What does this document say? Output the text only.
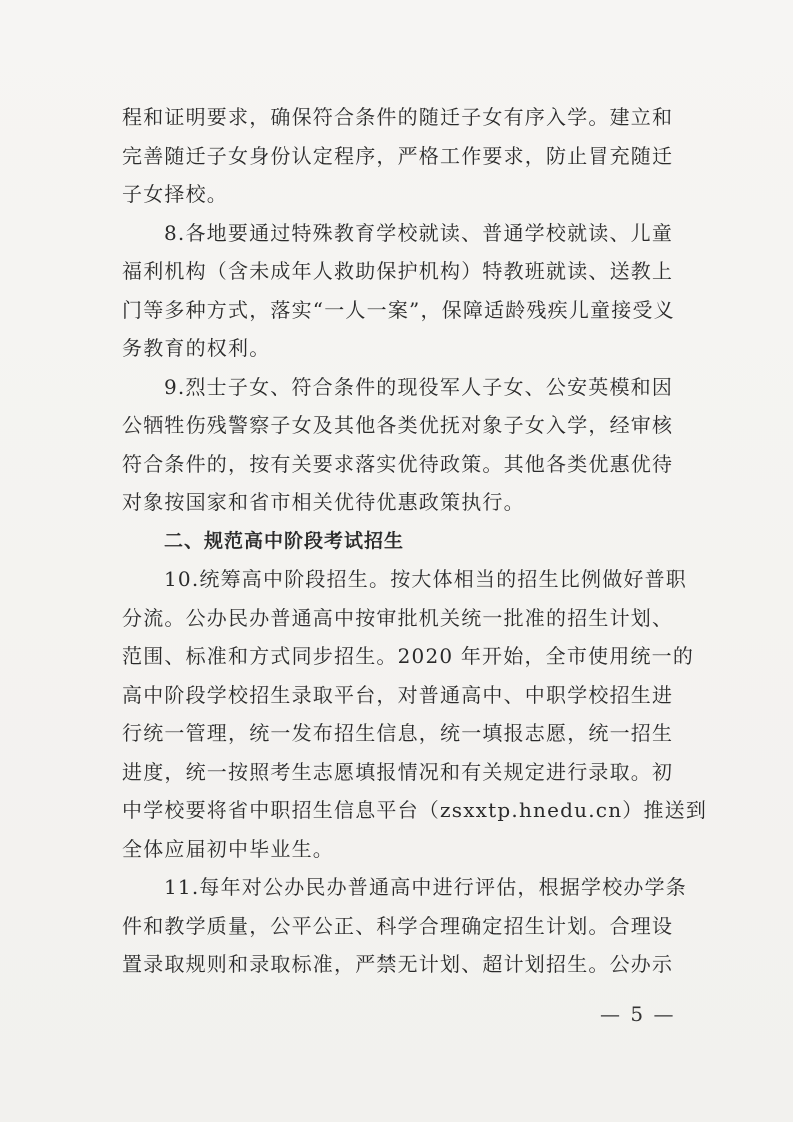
程和证明要求，确保符合条件的随迁子女有序入学。建立和
完善随迁子女身份认定程序，严格工作要求，防止冒充随迁
子女择校。
8.各地要通过特殊教育学校就读、普通学校就读、儿童
福利机构（含未成年人救助保护机构）特教班就读、送教上
门等多种方式，落实“一人一案”，保障适龄残疾儿童接受义
务教育的权利。
9.烈士子女、符合条件的现役军人子女、公安英模和因
公牺牲伤残警察子女及其他各类优抚对象子女入学，经审核
符合条件的，按有关要求落实优待政策。其他各类优惠优待
对象按国家和省市相关优待优惠政策执行。
二、规范高中阶段考试招生
10.统筹高中阶段招生。按大体相当的招生比例做好普职
分流。公办民办普通高中按审批机关统一批准的招生计划、
范围、标准和方式同步招生。2020 年开始，全市使用统一的
高中阶段学校招生录取平台，对普通高中、中职学校招生进
行统一管理，统一发布招生信息，统一填报志愿，统一招生
进度，统一按照考生志愿填报情况和有关规定进行录取。初
中学校要将省中职招生信息平台（zsxxtp.hnedu.cn）推送到
全体应届初中毕业生。
11.每年对公办民办普通高中进行评估，根据学校办学条
件和教学质量，公平公正、科学合理确定招生计划。合理设
置录取规则和录取标准，严禁无计划、超计划招生。公办示
— 5 —
